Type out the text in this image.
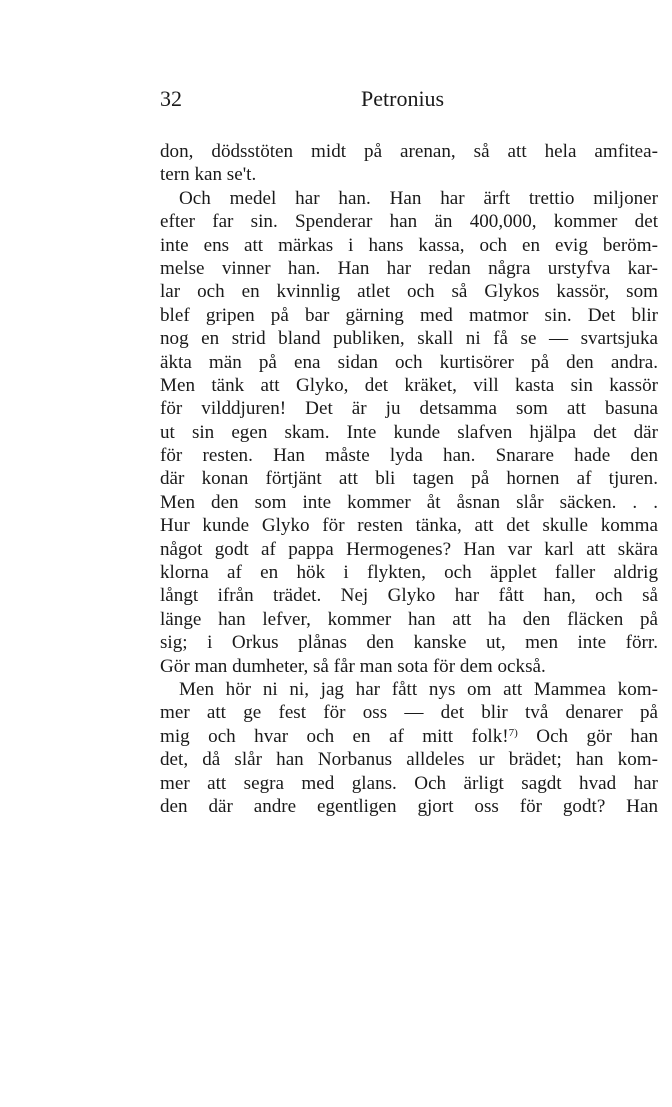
32	Petronius
don, dödsstöten midt på arenan, så att hela amfitea-
tern kan se't.
Och medel har han. Han har ärft trettio miljoner
efter far sin. Spenderar han än 400,000, kommer det
inte ens att märkas i hans kassa, och en evig beröm-
melse vinner han. Han har redan några urstyfva kar-
lar och en kvinnlig atlet och så Glykos kassör, som
blef gripen på bar gärning med matmor sin. Det blir
nog en strid bland publiken, skall ni få se — svartsjuka
äkta män på ena sidan och kurtisörer på den andra.
Men tänk att Glyko, det kräket, vill kasta sin kassör
för vilddjuren! Det är ju detsamma som att basuna
ut sin egen skam. Inte kunde slafven hjälpa det där
för resten. Han måste lyda han. Snarare hade den
där konan förtjänt att bli tagen på hornen af tjuren.
Men den som inte kommer åt åsnan slår säcken. . .
Hur kunde Glyko för resten tänka, att det skulle komma
något godt af pappa Hermogenes? Han var karl att skära
klorna af en hök i flykten, och äpplet faller aldrig
långt ifrån trädet. Nej Glyko har fått han, och så
länge han lefver, kommer han att ha den fläcken på
sig; i Orkus plånas den kanske ut, men inte förr.
Gör man dumheter, så får man sota för dem också.
Men hör ni ni, jag har fått nys om att Mammea kom-
mer att ge fest för oss — det blir två denarer på
mig och hvar och en af mitt folk!$^{7)}$ Och gör han
det, då slår han Norbanus alldeles ur brädet; han kom-
mer att segra med glans. Och ärligt sagdt hvad har
den där andre egentligen gjort oss för godt? Han
